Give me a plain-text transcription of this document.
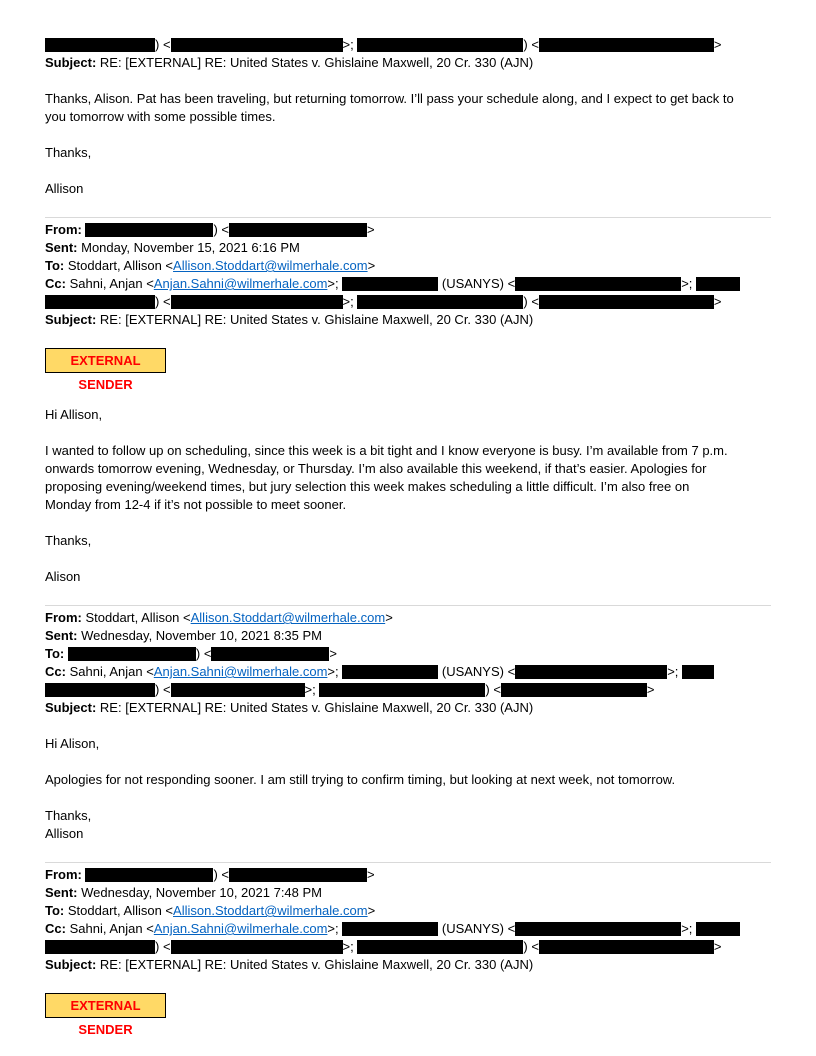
) <	>;	) <	>
Subject: RE: [EXTERNAL] RE: United States v. Ghislaine Maxwell, 20 Cr. 330 (AJN)
Thanks, Alison. Pat has been traveling, but returning tomorrow. I’ll pass your schedule along, and I expect to get back to
you tomorrow with some possible times.
Thanks,
Allison
From:	) <	>
Sent: Monday, November 15, 2021 6:16 PM
To: Stoddart, Allison <Allison.Stoddart@wilmerhale.com>
Cc: Sahni, Anjan <Anjan.Sahni@wilmerhale.com>;	(USANYS) <	>;
) <	>;	) <	>
Subject: RE: [EXTERNAL] RE: United States v. Ghislaine Maxwell, 20 Cr. 330 (AJN)
EXTERNAL SENDER
Hi Allison,
I wanted to follow up on scheduling, since this week is a bit tight and I know everyone is busy. I’m available from 7 p.m.
onwards tomorrow evening, Wednesday, or Thursday. I’m also available this weekend, if that’s easier. Apologies for
proposing evening/weekend times, but jury selection this week makes scheduling a little difficult. I’m also free on
Monday from 12-4 if it’s not possible to meet sooner.
Thanks,
Alison
From: Stoddart, Allison <Allison.Stoddart@wilmerhale.com>
Sent: Wednesday, November 10, 2021 8:35 PM
To:	) <	>
Cc: Sahni, Anjan <Anjan.Sahni@wilmerhale.com>;	(USANYS) <	>;
) <	>;	) <	>
Subject: RE: [EXTERNAL] RE: United States v. Ghislaine Maxwell, 20 Cr. 330 (AJN)
Hi Alison,
Apologies for not responding sooner. I am still trying to confirm timing, but looking at next week, not tomorrow.
Thanks,
Allison
From:	) <	>
Sent: Wednesday, November 10, 2021 7:48 PM
To: Stoddart, Allison <Allison.Stoddart@wilmerhale.com>
Cc: Sahni, Anjan <Anjan.Sahni@wilmerhale.com>;	(USANYS) <	>;
) <	>;	) <	>
Subject: RE: [EXTERNAL] RE: United States v. Ghislaine Maxwell, 20 Cr. 330 (AJN)
EXTERNAL SENDER
